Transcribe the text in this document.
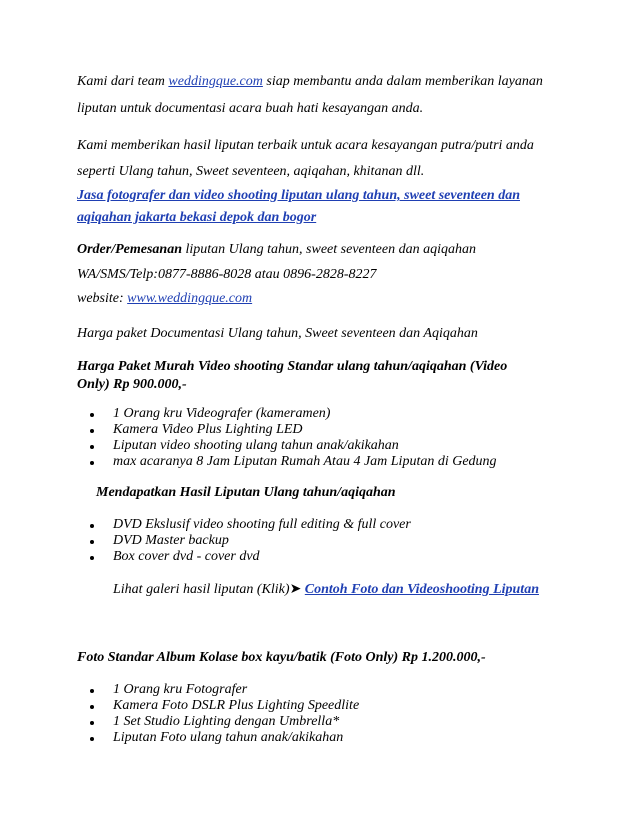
Kami dari team weddingque.com siap membantu anda dalam memberikan layanan
liputan untuk documentasi acara buah hati kesayangan anda.
Kami memberikan hasil liputan terbaik untuk acara kesayangan putra/putri anda
seperti Ulang tahun, Sweet seventeen, aqiqahan, khitanan dll.
Jasa fotografer dan video shooting liputan ulang tahun, sweet seventeen dan
aqiqahan jakarta bekasi depok dan bogor
Order/Pemesanan liputan Ulang tahun, sweet seventeen dan aqiqahan
WA/SMS/Telp:0877-8886-8028 atau 0896-2828-8227
website: www.weddingque.com
Harga paket Documentasi Ulang tahun, Sweet seventeen dan Aqiqahan
Harga Paket Murah Video shooting Standar ulang tahun/aqiqahan (Video
Only) Rp 900.000,-
1 Orang kru Videografer (kameramen)
Kamera Video Plus Lighting LED
Liputan video shooting ulang tahun anak/akikahan
max acaranya 8 Jam Liputan Rumah Atau 4 Jam Liputan di Gedung
Mendapatkan Hasil Liputan Ulang tahun/aqiqahan
DVD Ekslusif video shooting full editing & full cover
DVD Master backup
Box cover dvd - cover dvd
Lihat galeri hasil liputan (Klik)➤ Contoh Foto dan Videoshooting Liputan
Foto Standar Album Kolase box kayu/batik (Foto Only) Rp 1.200.000,-
1 Orang kru Fotografer
Kamera Foto DSLR Plus Lighting Speedlite
1 Set Studio Lighting dengan Umbrella*
Liputan Foto ulang tahun anak/akikahan
